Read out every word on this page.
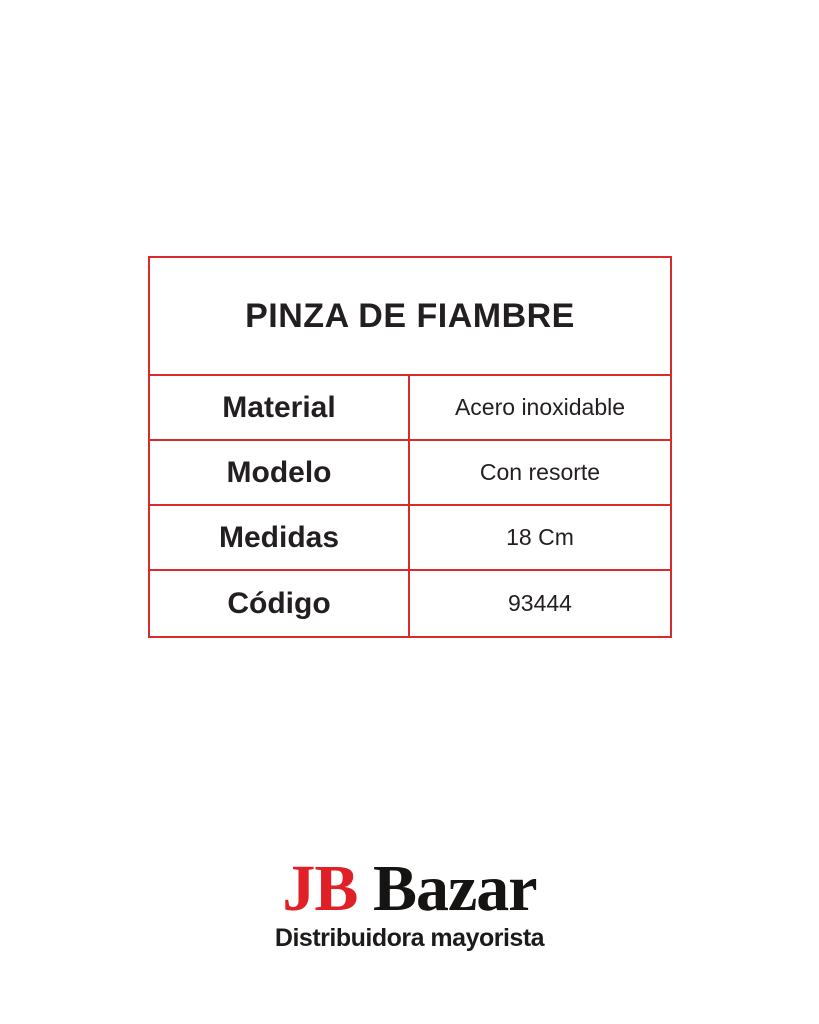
PINZA DE FIAMBRE
Material	Acero inoxidable
Modelo	Con resorte
Medidas	18 Cm
Código	93444
JB Bazar
Distribuidora mayorista
